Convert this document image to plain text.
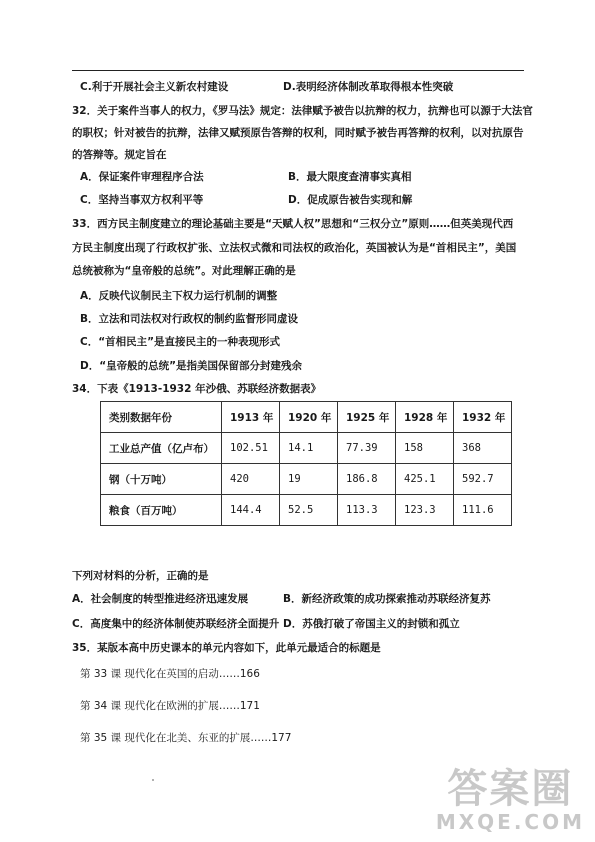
C.利于开展社会主义新农村建设	D.表明经济体制改革取得根本性突破
32．关于案件当事人的权力，《罗马法》规定：法律赋予被告以抗辩的权力，抗辩也可以源于大法官
的职权；针对被告的抗辩，法律又赋预原告答辩的权利，同时赋予被告再答辩的权利，以对抗原告
的答辩等。规定旨在
A．保证案件审理程序合法	B．最大限度查清事实真相
C．坚持当事双方权利平等	D．促成原告被告实现和解
33．西方民主制度建立的理论基础主要是“天赋人权”思想和“三权分立”原则……但英美现代西
方民主制度出现了行政权扩张、立法权式微和司法权的政治化，英国被认为是“首相民主”，美国
总统被称为“皇帝般的总统”。对此理解正确的是
A．反映代议制民主下权力运行机制的调整
B．立法和司法权对行政权的制约监督形同虚设
C．“首相民主”是直接民主的一种表现形式
D．“皇帝般的总统”是指美国保留部分封建残余
34．下表《1913-1932 年沙俄、苏联经济数据表》
类别数据年份	1913 年	1920 年	1925 年	1928 年	1932 年
工业总产值（亿卢布）	102.51	14.1	77.39	158	368
钢（十万吨）	420	19	186.8	425.1	592.7
粮食（百万吨）	144.4	52.5	113.3	123.3	111.6
下列对材料的分析，正确的是
A．社会制度的转型推进经济迅速发展	B．新经济政策的成功探索推动苏联经济复苏
C．高度集中的经济体制使苏联经济全面提升 D．苏俄打破了帝国主义的封锁和孤立
35．某版本高中历史课本的单元内容如下，此单元最适合的标题是
第 33 课 现代化在英国的启动……166
第 34 课 现代化在欧洲的扩展……171
第 35 课 现代化在北美、东亚的扩展……177
答案圈
MXQE.COM
